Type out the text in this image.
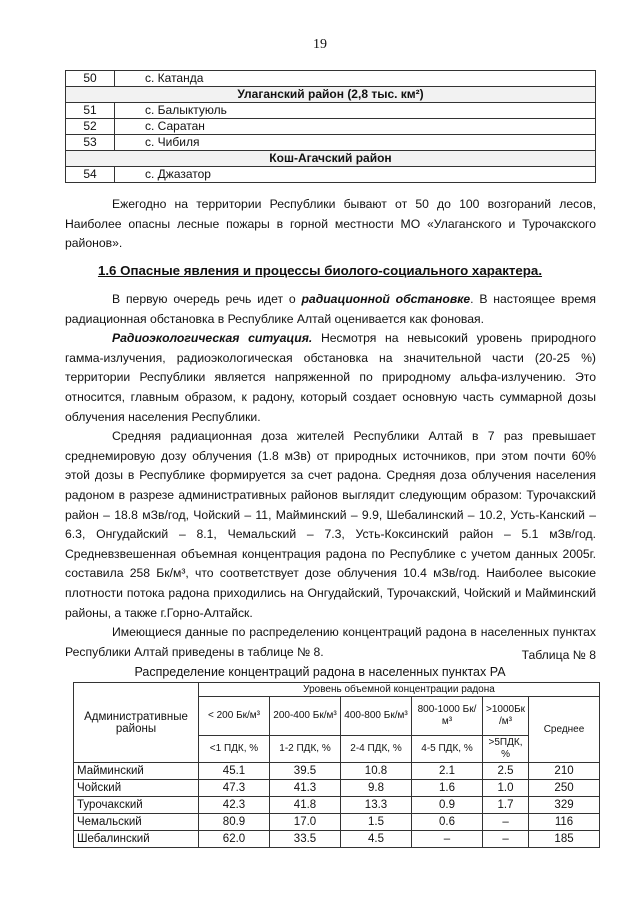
19
50	с. Катанда
Улаганский район (2,8 тыс. км²)	
51	с. Балыктуюль
52	с. Саратан
53	с. Чибиля
Кош-Агачский район	
54	с. Джазатор
Ежегодно на территории Республики бывают от 50 до 100 возгораний лесов, Наиболее опасны лесные пожары в горной местности МО «Улаганского и Турочакского районов».
1.6 Опасные явления и процессы биолого-социального характера.
В первую очередь речь идет о радиационной обстановке. В настоящее время радиационная обстановка в Республике Алтай оценивается как фоновая.
Радиоэкологическая ситуация. Несмотря на невысокий уровень природного гамма-излучения, радиоэкологическая обстановка на значительной части (20-25 %) территории Республики является напряженной по природному альфа-излучению. Это относится, главным образом, к радону, который создает основную часть суммарной дозы облучения населения Республики.
Средняя радиационная доза жителей Республики Алтай в 7 раз превышает среднемировую дозу облучения (1.8 мЗв) от природных источников, при этом почти 60% этой дозы в Республике формируется за счет радона. Средняя доза облучения населения радоном в разрезе административных районов выглядит следующим образом: Турочакский район – 18.8 мЗв/год, Чойский – 11, Майминский – 9.9, Шебалинский – 10.2, Усть-Канский – 6.3, Онгудайский – 8.1, Чемальский – 7.3, Усть-Коксинский район – 5.1 мЗв/год. Средневзвешенная объемная концентрация радона по Республике с учетом данных 2005г. составила 258 Бк/м³, что соответствует дозе облучения 10.4 мЗв/год. Наиболее высокие плотности потока радона приходились на Онгудайский, Турочакский, Чойский и Майминский районы, а также г.Горно-Алтайск.
Имеющиеся данные по распределению концентраций радона в населенных пунктах Республики Алтай приведены в таблице № 8.	Таблица № 8
Распределение концентраций радона в населенных пунктах РА
Административные районы	Уровень объемной концентрации радона					
	< 200 Бк/м³	200-400 Бк/м³	400-800 Бк/м³	800-1000 Бк/м³	>1000Бк /м³	Среднее
	<1 ПДК, %	1-2 ПДК, %	2-4 ПДК, %	4-5 ПДК, %	>5ПДК, %	
Майминский	45.1	39.5	10.8	2.1	2.5	210
Чойский	47.3	41.3	9.8	1.6	1.0	250
Турочакский	42.3	41.8	13.3	0.9	1.7	329
Чемальский	80.9	17.0	1.5	0.6	–	116
Шебалинский	62.0	33.5	4.5	–	–	185
